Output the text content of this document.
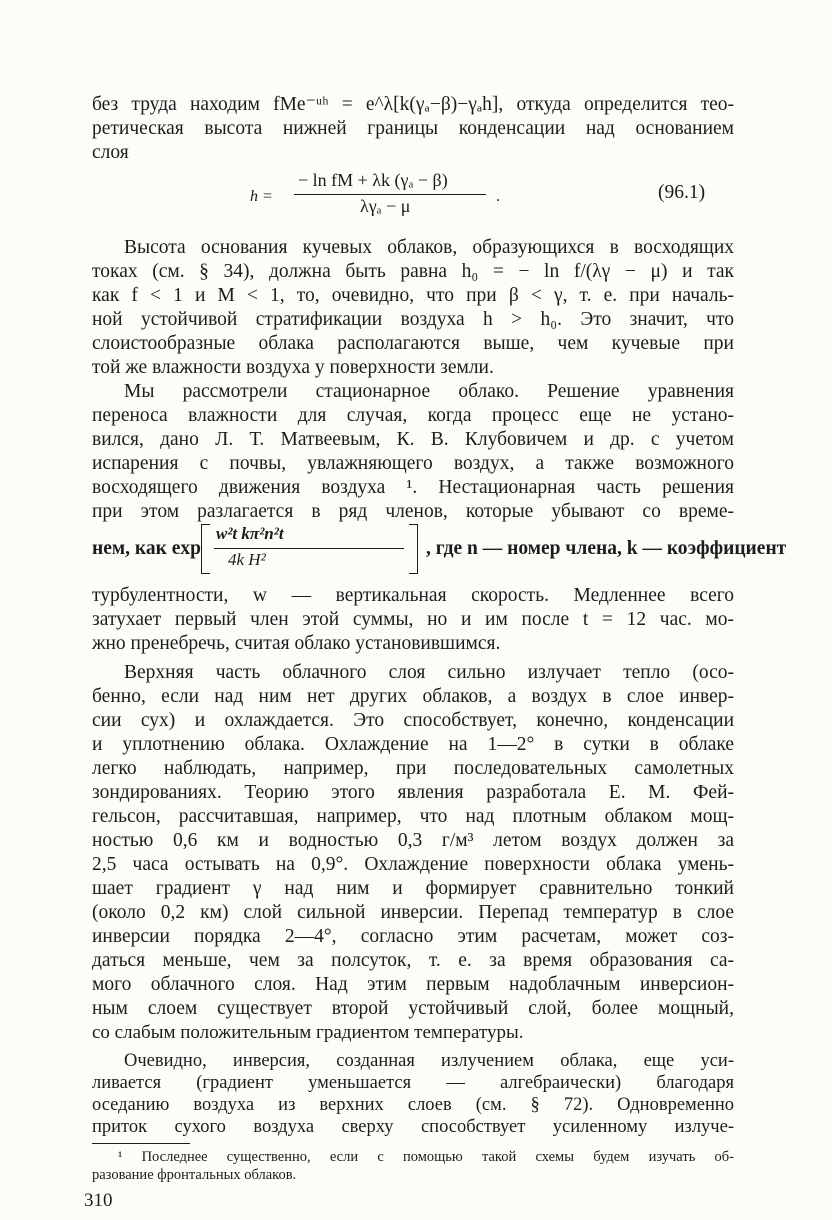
без труда находим fMe⁻ᵘʰ = e^λ[k(γₐ−β)−γₐh], откуда определится тео-
ретическая высота нижней границы конденсации над основанием
слоя
h =
− ln fM + λk (γₐ − β)
λγₐ − μ	.	(96.1)
Высота основания кучевых облаков, образующихся в восходящих
токах (см. § 34), должна быть равна h₀ = − ln f/(λγ − μ) и так
как f < 1 и M < 1, то, очевидно, что при β < γ, т. е. при началь-
ной устойчивой стратификации воздуха h > h₀. Это значит, что
слоистообразные облака располагаются выше, чем кучевые при
той же влажности воздуха у поверхности земли.
Мы рассмотрели стационарное облако. Решение уравнения
переноса влажности для случая, когда процесс еще не устано-
вился, дано Л. Т. Матвеевым, К. В. Клубовичем и др. с учетом
испарения с почвы, увлажняющего воздух, а также возможного
восходящего движения воздуха ¹. Нестационарная часть решения
при этом разлагается в ряд членов, которые убывают со време-
нем, как exp
w²t kπ²n²t
4k H²
, где n — номер члена, k — коэффициент
турбулентности, w — вертикальная скорость. Медленнее всего
затухает первый член этой суммы, но и им после t = 12 час. мо-
жно пренебречь, считая облако установившимся.
Верхняя часть облачного слоя сильно излучает тепло (осо-
бенно, если над ним нет других облаков, а воздух в слое инвер-
сии сух) и охлаждается. Это способствует, конечно, конденсации
и уплотнению облака. Охлаждение на 1—2° в сутки в облаке
легко наблюдать, например, при последовательных самолетных
зондированиях. Теорию этого явления разработала Е. М. Фей-
гельсон, рассчитавшая, например, что над плотным облаком мощ-
ностью 0,6 км и водностью 0,3 г/м³ летом воздух должен за
2,5 часа остывать на 0,9°. Охлаждение поверхности облака умень-
шает градиент γ над ним и формирует сравнительно тонкий
(около 0,2 км) слой сильной инверсии. Перепад температур в слое
инверсии порядка 2—4°, согласно этим расчетам, может соз-
даться меньше, чем за полсуток, т. е. за время образования са-
мого облачного слоя. Над этим первым надоблачным инверсион-
ным слоем существует второй устойчивый слой, более мощный,
со слабым положительным градиентом температуры.
Очевидно, инверсия, созданная излучением облака, еще уси-
ливается (градиент уменьшается — алгебраически) благодаря
оседанию воздуха из верхних слоев (см. § 72). Одновременно
приток сухого воздуха сверху способствует усиленному излуче-
¹ Последнее существенно, если с помощью такой схемы будем изучать об-
разование фронтальных облаков.
310
